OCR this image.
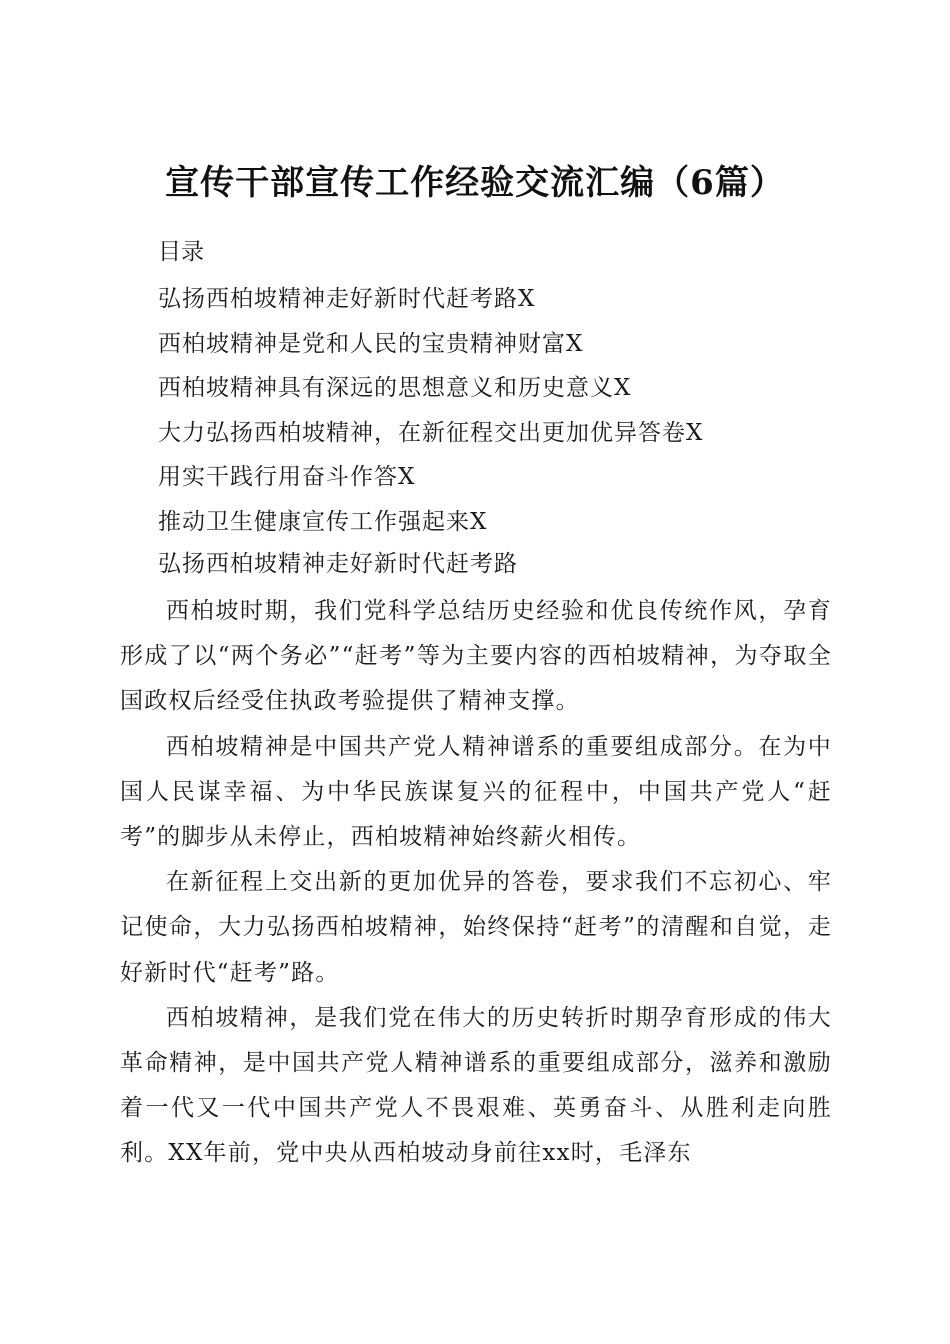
宣传干部宣传工作经验交流汇编（6篇）
目录
弘扬西柏坡精神走好新时代赶考路X
西柏坡精神是党和人民的宝贵精神财富X
西柏坡精神具有深远的思想意义和历史意义X
大力弘扬西柏坡精神，在新征程交出更加优异答卷X
用实干践行用奋斗作答X
推动卫生健康宣传工作强起来X
弘扬西柏坡精神走好新时代赶考路

西柏坡时期，我们党科学总结历史经验和优良传统作风，孕育形成了以“两个务必”“赶考”等为主要内容的西柏坡精神，为夺取全国政权后经受住执政考验提供了精神支撑。

西柏坡精神是中国共产党人精神谱系的重要组成部分。在为中国人民谋幸福、为中华民族谋复兴的征程中，中国共产党人“赶考”的脚步从未停止，西柏坡精神始终薪火相传。

在新征程上交出新的更加优异的答卷，要求我们不忘初心、牢记使命，大力弘扬西柏坡精神，始终保持“赶考”的清醒和自觉，走好新时代“赶考”路。

西柏坡精神，是我们党在伟大的历史转折时期孕育形成的伟大革命精神，是中国共产党人精神谱系的重要组成部分，滋养和激励着一代又一代中国共产党人不畏艰难、英勇奋斗、从胜利走向胜利。XX年前，党中央从西柏坡动身前往xx时，毛泽东
